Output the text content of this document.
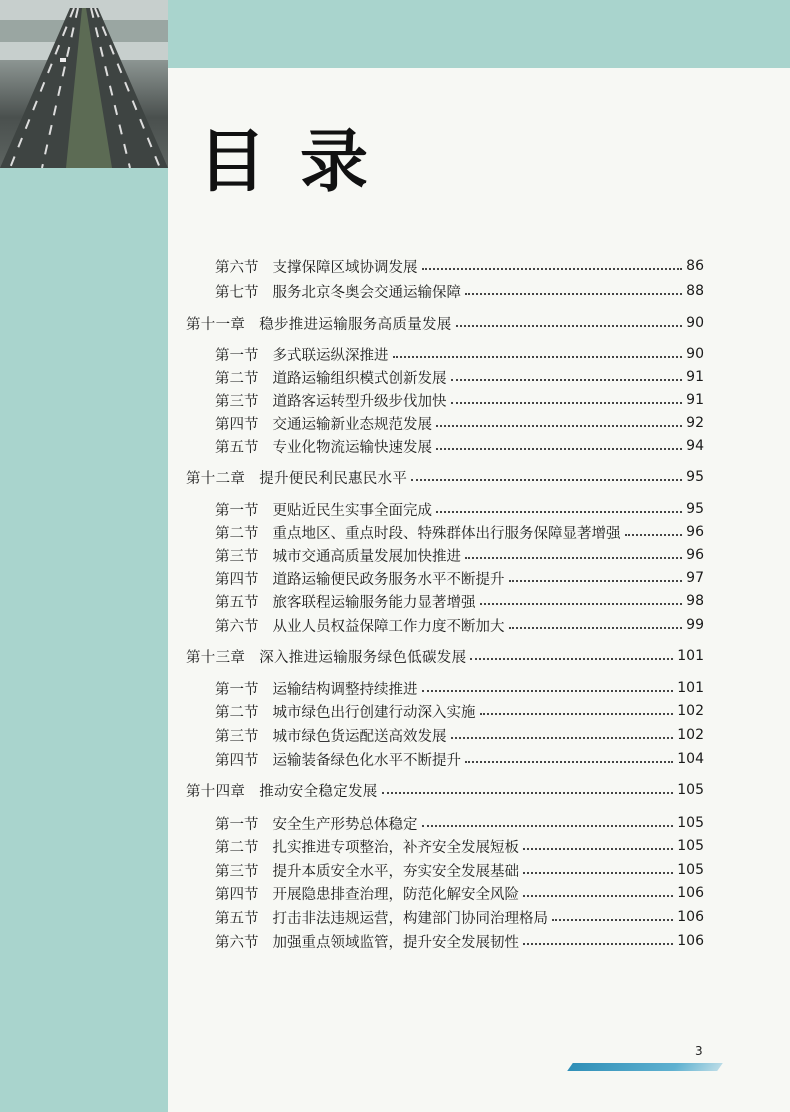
目录
第六节 支撑保障区域协调发展	86
第七节 服务北京冬奥会交通运输保障	88
第十一章 稳步推进运输服务高质量发展	90
第一节 多式联运纵深推进	90
第二节 道路运输组织模式创新发展	91
第三节 道路客运转型升级步伐加快	91
第四节 交通运输新业态规范发展	92
第五节 专业化物流运输快速发展	94
第十二章 提升便民利民惠民水平	95
第一节 更贴近民生实事全面完成	95
第二节 重点地区、重点时段、特殊群体出行服务保障显著增强	96
第三节 城市交通高质量发展加快推进	96
第四节 道路运输便民政务服务水平不断提升	97
第五节 旅客联程运输服务能力显著增强	98
第六节 从业人员权益保障工作力度不断加大	99
第十三章 深入推进运输服务绿色低碳发展	101
第一节 运输结构调整持续推进	101
第二节 城市绿色出行创建行动深入实施	102
第三节 城市绿色货运配送高效发展	102
第四节 运输装备绿色化水平不断提升	104
第十四章 推动安全稳定发展	105
第一节 安全生产形势总体稳定	105
第二节 扎实推进专项整治，补齐安全发展短板	105
第三节 提升本质安全水平，夯实安全发展基础	105
第四节 开展隐患排查治理，防范化解安全风险	106
第五节 打击非法违规运营，构建部门协同治理格局	106
第六节 加强重点领域监管，提升安全发展韧性	106
3
